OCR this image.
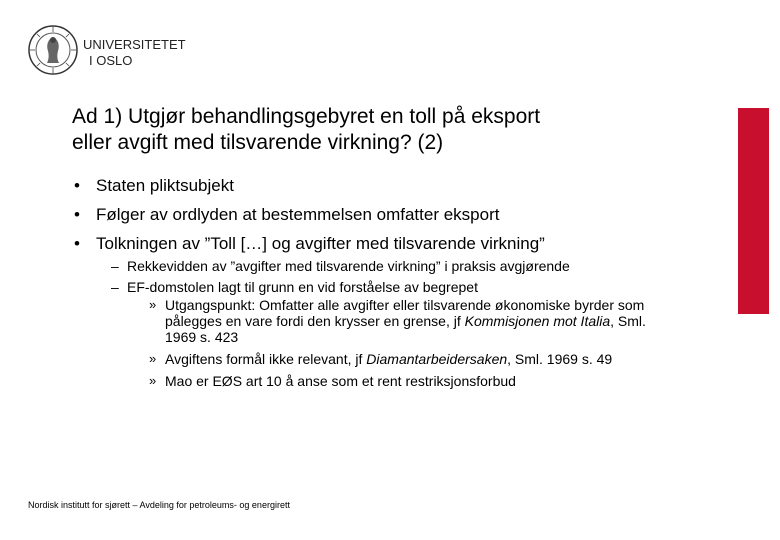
UNIVERSITETET
I OSLO
Ad 1) Utgjør behandlingsgebyret en toll på eksport
eller avgift med tilsvarende virkning? (2)
• Staten pliktsubjekt
• Følger av ordlyden at bestemmelsen omfatter eksport
• Tolkningen av ”Toll […] og avgifter med tilsvarende virkning”
– Rekkevidden av ”avgifter med tilsvarende virkning” i praksis avgjørende
– EF-domstolen lagt til grunn en vid forståelse av begrepet
» Utgangspunkt: Omfatter alle avgifter eller tilsvarende økonomiske byrder som pålegges en vare fordi den krysser en grense, jf Kommisjonen mot Italia, Sml. 1969 s. 423
» Avgiftens formål ikke relevant, jf Diamantarbeidersaken, Sml. 1969 s. 49
» Mao er EØS art 10 å anse som et rent restriksjonsforbud
Nordisk institutt for sjørett – Avdeling for petroleums- og energirett
